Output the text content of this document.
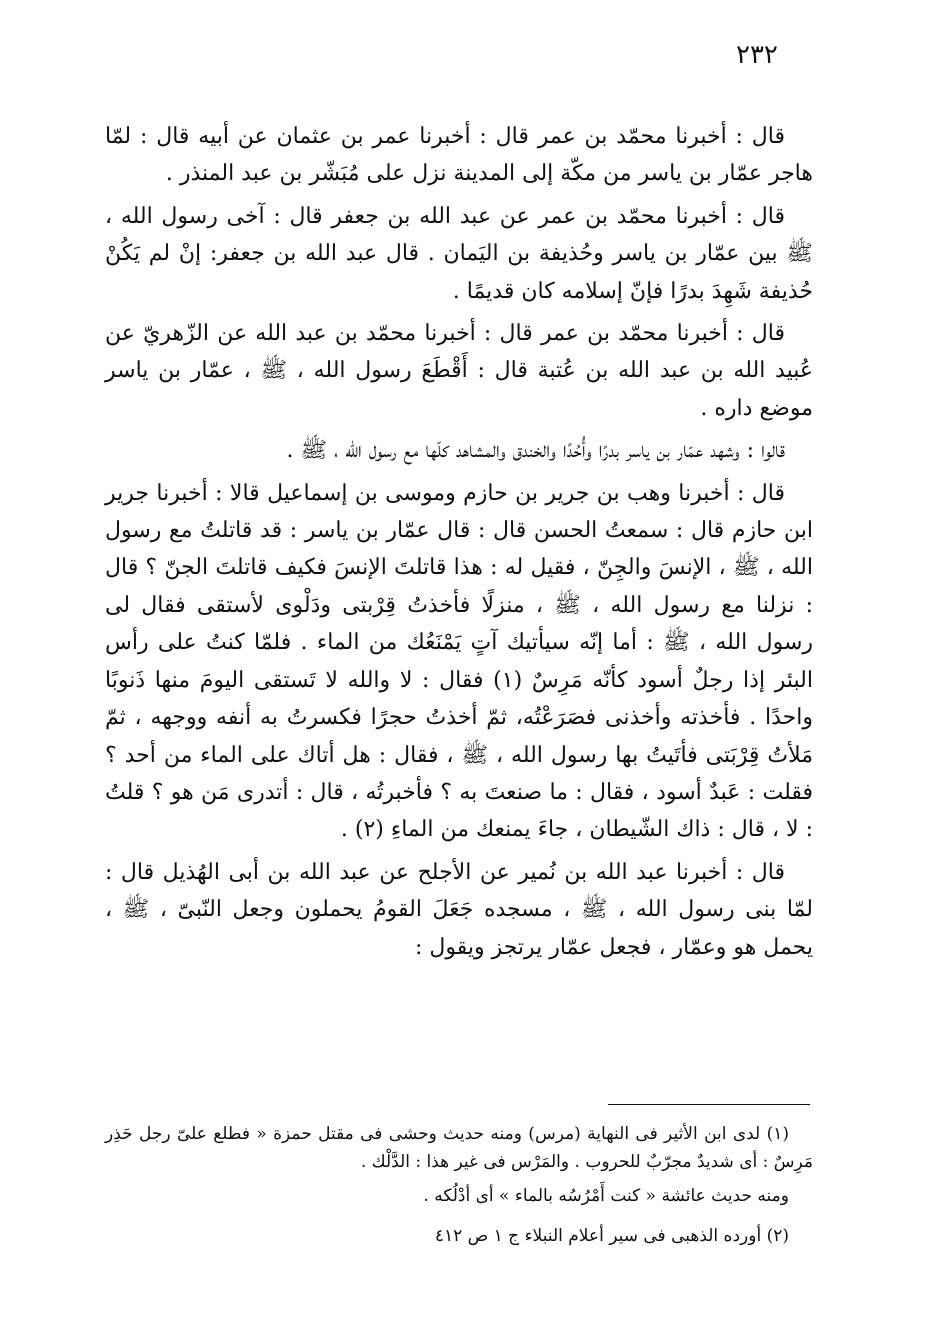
٢٣٢

قال : أخبرنا محمّد بن عمر قال : أخبرنا عمر بن عثمان عن أبيه قال : لمّا هاجر عمّار بن ياسر من مكّة إلى المدينة نزل على مُبَشّر بن عبد المنذر .

قال : أخبرنا محمّد بن عمر عن عبد الله بن جعفر قال : آخى رسول الله ، ﷺ بين عمّار بن ياسر وحُذيفة بن اليَمان . قال عبد الله بن جعفر: إنْ لم يَكُنْ حُذيفة شَهِدَ بدرًا فإنّ إسلامه كان قديمًا .

قال : أخبرنا محمّد بن عمر قال : أخبرنا محمّد بن عبد الله عن الزّهريّ عن عُبيد الله بن عبد الله بن عُتبة قال : أَقْطَعَ رسول الله ، ﷺ ، عمّار بن ياسر موضع داره .

قالوا : وشهد عمّار بن ياسر بدرًا وأُحُدًا والخندق والمشاهد كلّها مع رسول الله ، ﷺ .

قال : أخبرنا وهب بن جرير بن حازم وموسى بن إسماعيل قالا : أخبرنا جرير ابن حازم قال : سمعتُ الحسن قال : قال عمّار بن ياسر : قد قاتلتُ مع رسول الله ، ﷺ ، الإنسَ والجِنّ ، فقيل له : هذا قاتلتَ الإنسَ فكيف قاتلتَ الجنّ ؟ قال : نزلنا مع رسول الله ، ﷺ ، منزلًا فأخذتُ قِرْبتى ودَلْوى لأستقى فقال لى رسول الله ، ﷺ : أما إنّه سيأتيك آتٍ يَمْنَعُك من الماء . فلمّا كنتُ على رأس البئر إذا رجلٌ أسود كأنّه مَرِسٌ (١) فقال : لا والله لا تَستقى اليومَ منها ذَنوبًا واحدًا . فأخذته وأخذنى فصَرَعْتُه، ثمّ أخذتُ حجرًا فكسرتُ به أنفه ووجهه ، ثمّ مَلأتُ قِرْبَتى فأتَيتُ بها رسول الله ، ﷺ ، فقال : هل أتاك على الماء من أحد ؟ فقلت : عَبدٌ أسود ، فقال : ما صنعتَ به ؟ فأخبرتُه ، قال : أتدرى مَن هو ؟ قلتُ : لا ، قال : ذاك الشّيطان ، جاءَ يمنعك من الماءِ (٢) .

قال : أخبرنا عبد الله بن نُمير عن الأجلح عن عبد الله بن أبى الهُذيل قال : لمّا بنى رسول الله ، ﷺ ، مسجده جَعَلَ القومُ يحملون وجعل النّبىّ ، ﷺ ، يحمل هو وعمّار ، فجعل عمّار يرتجز ويقول :

(١) لدى ابن الأثير فى النهاية (مرس) ومنه حديث وحشى فى مقتل حمزة « فطلع علىّ رجل حَذِر مَرِسٌ : أى شديدٌ مجرّبٌ للحروب . والمَرْس فى غير هذا : الدَّلْك .

ومنه حديث عائشة « كنت أَمْرُسُه بالماء » أى أدْلُكه .

(٢) أورده الذهبى فى سير أعلام النبلاء ج ١ ص ٤١٢
